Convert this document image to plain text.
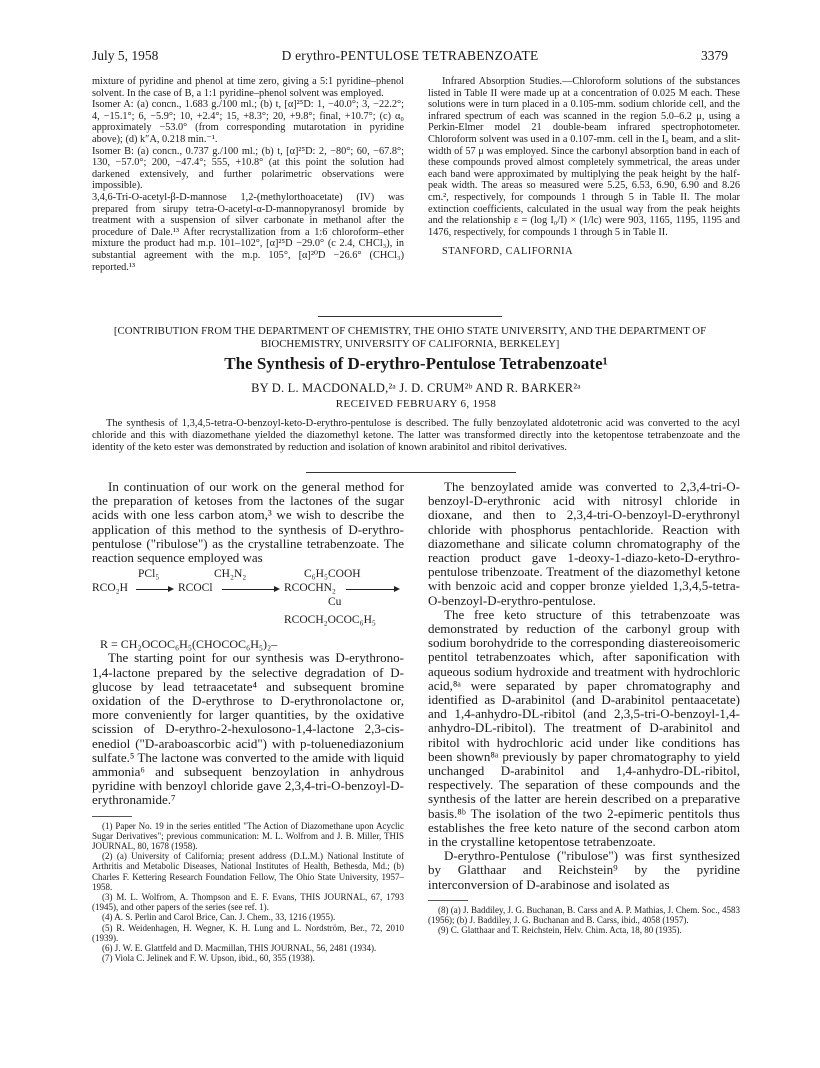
July 5, 1958	D erythro-PENTULOSE TETRABENZOATE	3379

mixture of pyridine and phenol at time zero, giving a 5:1 pyridine–phenol solvent. In the case of B, a 1:1 pyridine–phenol solvent was employed.

Isomer A: (a) concn., 1.683 g./100 ml.; (b) t, [α]²⁵D: 1, −40.0°; 3, −22.2°; 4, −15.1°; 6, −5.9°; 10, +2.4°; 15, +8.3°; 20, +9.8°; final, +10.7°; (c) α₀ approximately −53.0° (from corresponding mutarotation in pyridine above); (d) k″A, 0.218 min.⁻¹.

Isomer B: (a) concn., 0.737 g./100 ml.; (b) t, [α]²⁵D: 2, −80°; 60, −67.8°; 130, −57.0°; 200, −47.4°; 555, +10.8° (at this point the solution had darkened extensively, and further polarimetric observations were impossible).

3,4,6-Tri-O-acetyl-β-D-mannose 1,2-(methylorthoacetate) (IV) was prepared from sirupy tetra-O-acetyl-α-D-mannopyranosyl bromide by treatment with a suspension of silver carbonate in methanol after the procedure of Dale.¹³ After recrystallization from a 1:6 chloroform–ether mixture the product had m.p. 101–102°, [α]²⁵D −29.0° (c 2.4, CHCl₃), in substantial agreement with the m.p. 105°, [α]²⁰D −26.6° (CHCl₃) reported.¹³

Infrared Absorption Studies.—Chloroform solutions of the substances listed in Table II were made up at a concentration of 0.025 M each. These solutions were in turn placed in a 0.105-mm. sodium chloride cell, and the infrared spectrum of each was scanned in the region 5.0–6.2 μ, using a Perkin-Elmer model 21 double-beam infrared spectrophotometer. Chloroform solvent was used in a 0.107-mm. cell in the I₀ beam, and a slit-width of 57 μ was employed. Since the carbonyl absorption band in each of these compounds proved almost completely symmetrical, the areas under each band were approximated by multiplying the peak height by the half-peak width. The areas so measured were 5.25, 6.53, 6.90, 6.90 and 8.26 cm.², respectively, for compounds 1 through 5 in Table II. The molar extinction coefficients, calculated in the usual way from the peak heights and the relationship ε = (log I₀/I) × (1/lc) were 903, 1165, 1195, 1195 and 1476, respectively, for compounds 1 through 5 in Table II.

STANFORD, CALIFORNIA

[CONTRIBUTION FROM THE DEPARTMENT OF CHEMISTRY, THE OHIO STATE UNIVERSITY, AND THE DEPARTMENT OF BIOCHEMISTRY, UNIVERSITY OF CALIFORNIA, BERKELEY]
The Synthesis of D-erythro-Pentulose Tetrabenzoate¹
BY D. L. MACDONALD,²ᵃ J. D. CRUM²ᵇ AND R. BARKER²ᵃ
RECEIVED FEBRUARY 6, 1958
The synthesis of 1,3,4,5-tetra-O-benzoyl-keto-D-erythro-pentulose is described. The fully benzoylated aldotetronic acid was converted to the acyl chloride and this with diazomethane yielded the diazomethyl ketone. The latter was transformed directly into the ketopentose tetrabenzoate and the identity of the keto ester was demonstrated by reduction and isolation of known arabinitol and ribitol derivatives.

In continuation of our work on the general method for the preparation of ketoses from the lactones of the sugar acids with one less carbon atom,³ we wish to describe the application of this method to the synthesis of D-erythro-pentulose ("ribulose") as the crystalline tetrabenzoate. The reaction sequence employed was

PCl₅	CH₂N₂	C₆H₅COOH
RCO₂H	RCOCl	RCOCHN₂
Cu
RCOCH₂OCOC₆H₅

R = CH₂OCOC₆H₅(CHOCOC₆H₅)₂–

The starting point for our synthesis was D-erythrono-1,4-lactone prepared by the selective degradation of D-glucose by lead tetraacetate⁴ and subsequent bromine oxidation of the D-erythrose to D-erythronolactone or, more conveniently for larger quantities, by the oxidative scission of D-erythro-2-hexulosono-1,4-lactone 2,3-cis-enediol ("D-araboascorbic acid") with p-toluenediazonium sulfate.⁵ The lactone was converted to the amide with liquid ammonia⁶ and subsequent benzoylation in anhydrous pyridine with benzoyl chloride gave 2,3,4-tri-O-benzoyl-D-erythronamide.⁷

(1) Paper No. 19 in the series entitled "The Action of Diazomethane upon Acyclic Sugar Derivatives"; previous communication: M. L. Wolfrom and J. B. Miller, THIS JOURNAL, 80, 1678 (1958).

(2) (a) University of California; present address (D.L.M.) National Institute of Arthritis and Metabolic Diseases, National Institutes of Health, Bethesda, Md.; (b) Charles F. Kettering Research Foundation Fellow, The Ohio State University, 1957–1958.

(3) M. L. Wolfrom, A. Thompson and E. F. Evans, THIS JOURNAL, 67, 1793 (1945), and other papers of the series (see ref. 1).

(4) A. S. Perlin and Carol Brice, Can. J. Chem., 33, 1216 (1955).

(5) R. Weidenhagen, H. Wegner, K. H. Lung and L. Nordström, Ber., 72, 2010 (1939).

(6) J. W. E. Glattfeld and D. Macmillan, THIS JOURNAL, 56, 2481 (1934).

(7) Viola C. Jelinek and F. W. Upson, ibid., 60, 355 (1938).

The benzoylated amide was converted to 2,3,4-tri-O-benzoyl-D-erythronic acid with nitrosyl chloride in dioxane, and then to 2,3,4-tri-O-benzoyl-D-erythronyl chloride with phosphorus pentachloride. Reaction with diazomethane and silicate column chromatography of the reaction product gave 1-deoxy-1-diazo-keto-D-erythro-pentulose tribenzoate. Treatment of the diazomethyl ketone with benzoic acid and copper bronze yielded 1,3,4,5-tetra-O-benzoyl-D-erythro-pentulose.

The free keto structure of this tetrabenzoate was demonstrated by reduction of the carbonyl group with sodium borohydride to the corresponding diastereoisomeric pentitol tetrabenzoates which, after saponification with aqueous sodium hydroxide and treatment with hydrochloric acid,⁸ᵃ were separated by paper chromatography and identified as D-arabinitol (and D-arabinitol pentaacetate) and 1,4-anhydro-DL-ribitol (and 2,3,5-tri-O-benzoyl-1,4-anhydro-DL-ribitol). The treatment of D-arabinitol and ribitol with hydrochloric acid under like conditions has been shown⁸ᵃ previously by paper chromatography to yield unchanged D-arabinitol and 1,4-anhydro-DL-ribitol, respectively. The separation of these compounds and the synthesis of the latter are herein described on a preparative basis.⁸ᵇ The isolation of the two 2-epimeric pentitols thus establishes the free keto nature of the second carbon atom in the crystalline ketopentose tetrabenzoate.

D-erythro-Pentulose ("ribulose") was first synthesized by Glatthaar and Reichstein⁹ by the pyridine interconversion of D-arabinose and isolated as

(8) (a) J. Baddiley, J. G. Buchanan, B. Carss and A. P. Mathias, J. Chem. Soc., 4583 (1956); (b) J. Baddiley, J. G. Buchanan and B. Carss, ibid., 4058 (1957).

(9) C. Glatthaar and T. Reichstein, Helv. Chim. Acta, 18, 80 (1935).
